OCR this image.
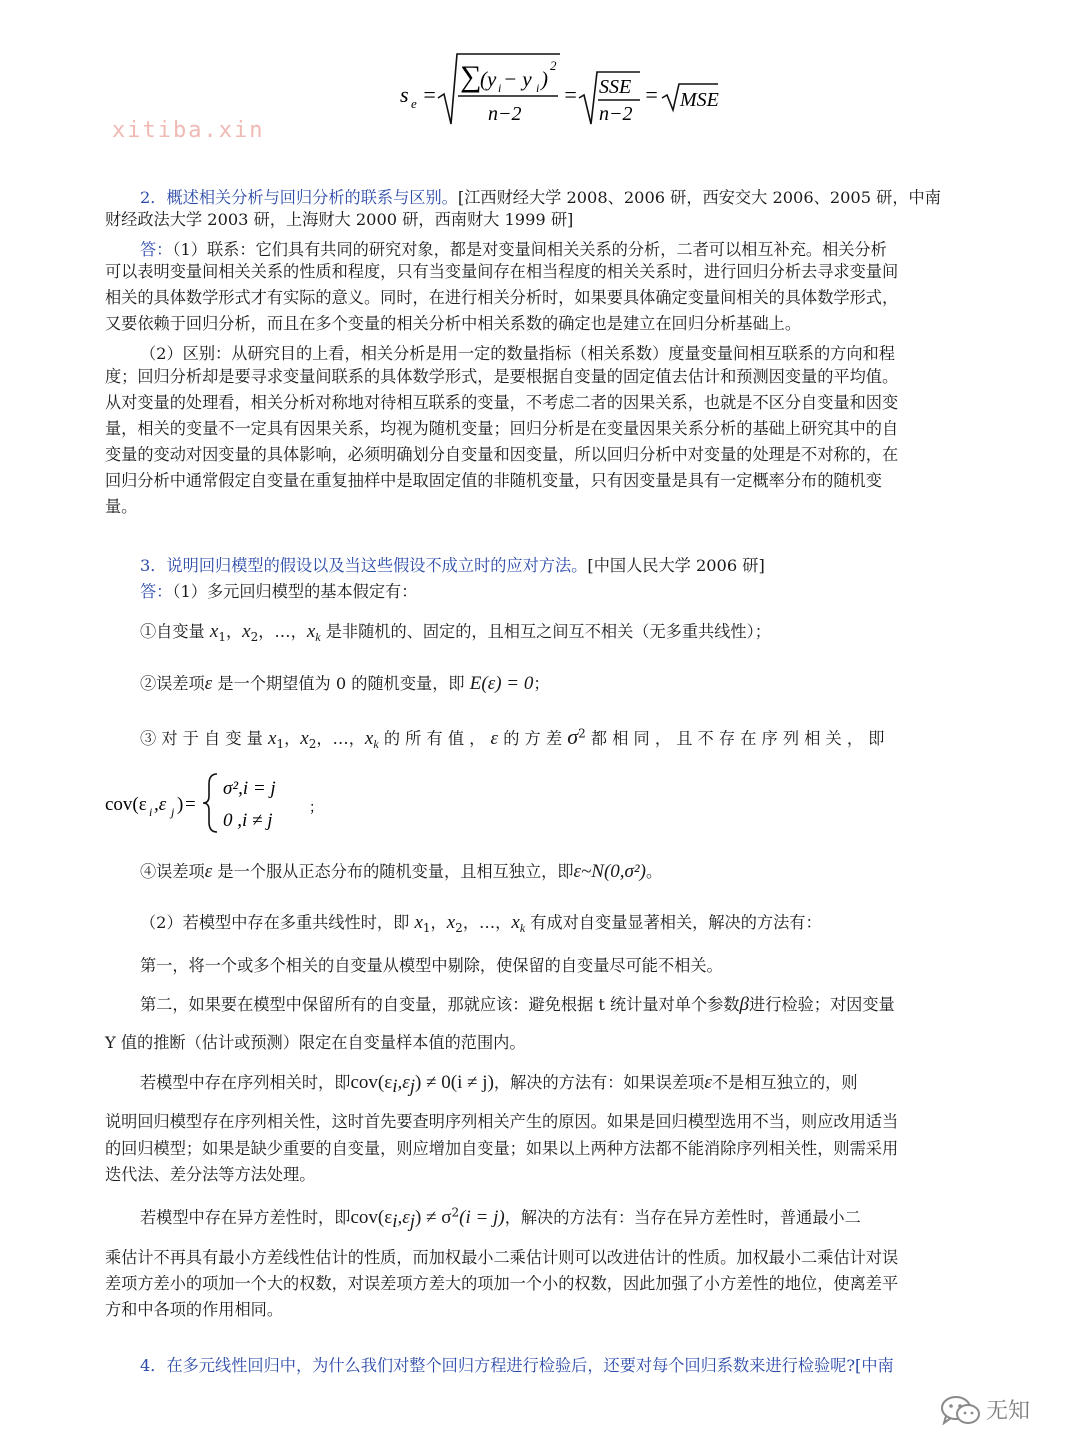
s e =
∑
(y i − y i )
2
n−2
= SSE
n−2
= MSE
xitiba.xin
2．概述相关分析与回归分析的联系与区别。[江西财经大学 2008、2006 研，西安交大 2006、2005 研，中南
财经政法大学 2003 研，上海财大 2000 研，西南财大 1999 研]
答：（1）联系：它们具有共同的研究对象，都是对变量间相关关系的分析，二者可以相互补充。相关分析
可以表明变量间相关关系的性质和程度，只有当变量间存在相当程度的相关关系时，进行回归分析去寻求变量间
相关的具体数学形式才有实际的意义。同时，在进行相关分析时，如果要具体确定变量间相关的具体数学形式，
又要依赖于回归分析，而且在多个变量的相关分析中相关系数的确定也是建立在回归分析基础上。
（2）区别：从研究目的上看，相关分析是用一定的数量指标（相关系数）度量变量间相互联系的方向和程
度；回归分析却是要寻求变量间联系的具体数学形式，是要根据自变量的固定值去估计和预测因变量的平均值。
从对变量的处理看，相关分析对称地对待相互联系的变量，不考虑二者的因果关系，也就是不区分自变量和因变
量，相关的变量不一定具有因果关系，均视为随机变量；回归分析是在变量因果关系分析的基础上研究其中的自
变量的变动对因变量的具体影响，必须明确划分自变量和因变量，所以回归分析中对变量的处理是不对称的，在
回归分析中通常假定自变量在重复抽样中是取固定值的非随机变量，只有因变量是具有一定概率分布的随机变
量。
3．说明回归模型的假设以及当这些假设不成立时的应对方法。[中国人民大学 2006 研]
答：（1）多元回归模型的基本假定有：
①自变量 $x_1$，$x_2$，…，$x_k$ 是非随机的、固定的，且相互之间互不相关（无多重共线性）；
②误差项ε 是一个期望值为 0 的随机变量，即 E(ε) = 0；
③ 对 于 自 变 量 $x_1$，$x_2$，…，$x_k$ 的 所 有 值 ， ε 的 方 差 $\sigma^2$ 都 相 同 ， 且 不 存 在 序 列 相 关 ， 即
cov(ε i ,ε j ) =
σ²,i = j
0 ,i ≠ j
；
④误差项ε 是一个服从正态分布的随机变量，且相互独立，即ε~N(0,σ²)。
（2）若模型中存在多重共线性时，即 $x_1$，$x_2$，…，$x_k$ 有成对自变量显著相关，解决的方法有：
第一，将一个或多个相关的自变量从模型中剔除，使保留的自变量尽可能不相关。
第二，如果要在模型中保留所有的自变量，那就应该：避免根据 t 统计量对单个参数β进行检验；对因变量
Y 值的推断（估计或预测）限定在自变量样本值的范围内。
若模型中存在序列相关时，即$cov(\varepsilon_i,\varepsilon_j) \ne 0(i \ne j)$，解决的方法有：如果误差项ε不是相互独立的，则
说明回归模型存在序列相关性，这时首先要查明序列相关产生的原因。如果是回归模型选用不当，则应改用适当
的回归模型；如果是缺少重要的自变量，则应增加自变量；如果以上两种方法都不能消除序列相关性，则需采用
迭代法、差分法等方法处理。
若模型中存在异方差性时，即$cov(\varepsilon_i,\varepsilon_j) \ne \sigma^2(i = j)$，解决的方法有：当存在异方差性时，普通最小二
乘估计不再具有最小方差线性估计的性质，而加权最小二乘估计则可以改进估计的性质。加权最小二乘估计对误
差项方差小的项加一个大的权数，对误差项方差大的项加一个小的权数，因此加强了小方差性的地位，使离差平
方和中各项的作用相同。
4．在多元线性回归中，为什么我们对整个回归方程进行检验后，还要对每个回归系数来进行检验呢?[中南
无知
